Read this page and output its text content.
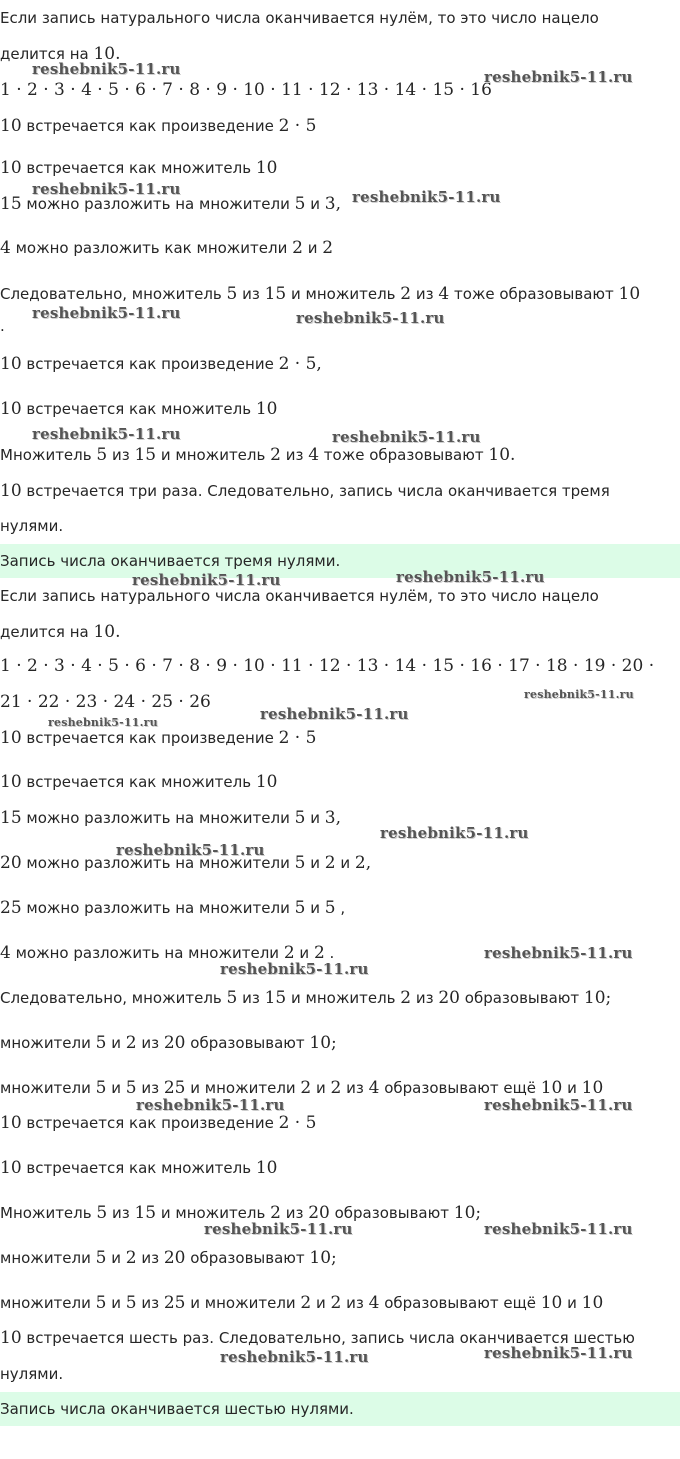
Если запись натурального числа оканчивается нулём, то это число нацело
делится на 10.
1 · 2 · 3 · 4 · 5 · 6 · 7 · 8 · 9 · 10 · 11 · 12 · 13 · 14 · 15 · 16
10 встречается как произведение 2 · 5
10 встречается как множитель 10
15 можно разложить на множители 5 и 3,
4 можно разложить как множители 2 и 2
Следовательно, множитель 5 из 15 и множитель 2 из 4 тоже образовывают 10
.
10 встречается как произведение 2 · 5,
10 встречается как множитель 10
Множитель 5 из 15 и множитель 2 из 4 тоже образовывают 10.
10 встречается три раза. Следовательно, запись числа оканчивается тремя
нулями.
Запись числа оканчивается тремя нулями.
Если запись натурального числа оканчивается нулём, то это число нацело
делится на 10.
1 · 2 · 3 · 4 · 5 · 6 · 7 · 8 · 9 · 10 · 11 · 12 · 13 · 14 · 15 · 16 · 17 · 18 · 19 · 20 ·
21 · 22 · 23 · 24 · 25 · 26
10 встречается как произведение 2 · 5
10 встречается как множитель 10
15 можно разложить на множители 5 и 3,
20 можно разложить на множители 5 и 2 и 2,
25 можно разложить на множители 5 и 5 ,
4 можно разложить на множители 2 и 2 .
Следовательно, множитель 5 из 15 и множитель 2 из 20 образовывают 10;
множители 5 и 2 из 20 образовывают 10;
множители 5 и 5 из 25 и множители 2 и 2 из 4 образовывают ещё 10 и 10
10 встречается как произведение 2 · 5
10 встречается как множитель 10
Множитель 5 из 15 и множитель 2 из 20 образовывают 10;
множители 5 и 2 из 20 образовывают 10;
множители 5 и 5 из 25 и множители 2 и 2 из 4 образовывают ещё 10 и 10
10 встречается шесть раз. Следовательно, запись числа оканчивается шестью
нулями.
Запись числа оканчивается шестью нулями.
reshebnik5-11.ru	reshebnik5-11.ru
reshebnik5-11.ru	reshebnik5-11.ru
reshebnik5-11.ru	reshebnik5-11.ru
reshebnik5-11.ru	reshebnik5-11.ru
reshebnik5-11.ru	reshebnik5-11.ru
reshebnik5-11.ru
reshebnik5-11.ru	reshebnik5-11.ru
reshebnik5-11.ru
reshebnik5-11.ru
reshebnik5-11.ru
reshebnik5-11.ru
reshebnik5-11.ru	reshebnik5-11.ru
reshebnik5-11.ru	reshebnik5-11.ru
reshebnik5-11.ru	reshebnik5-11.ru
